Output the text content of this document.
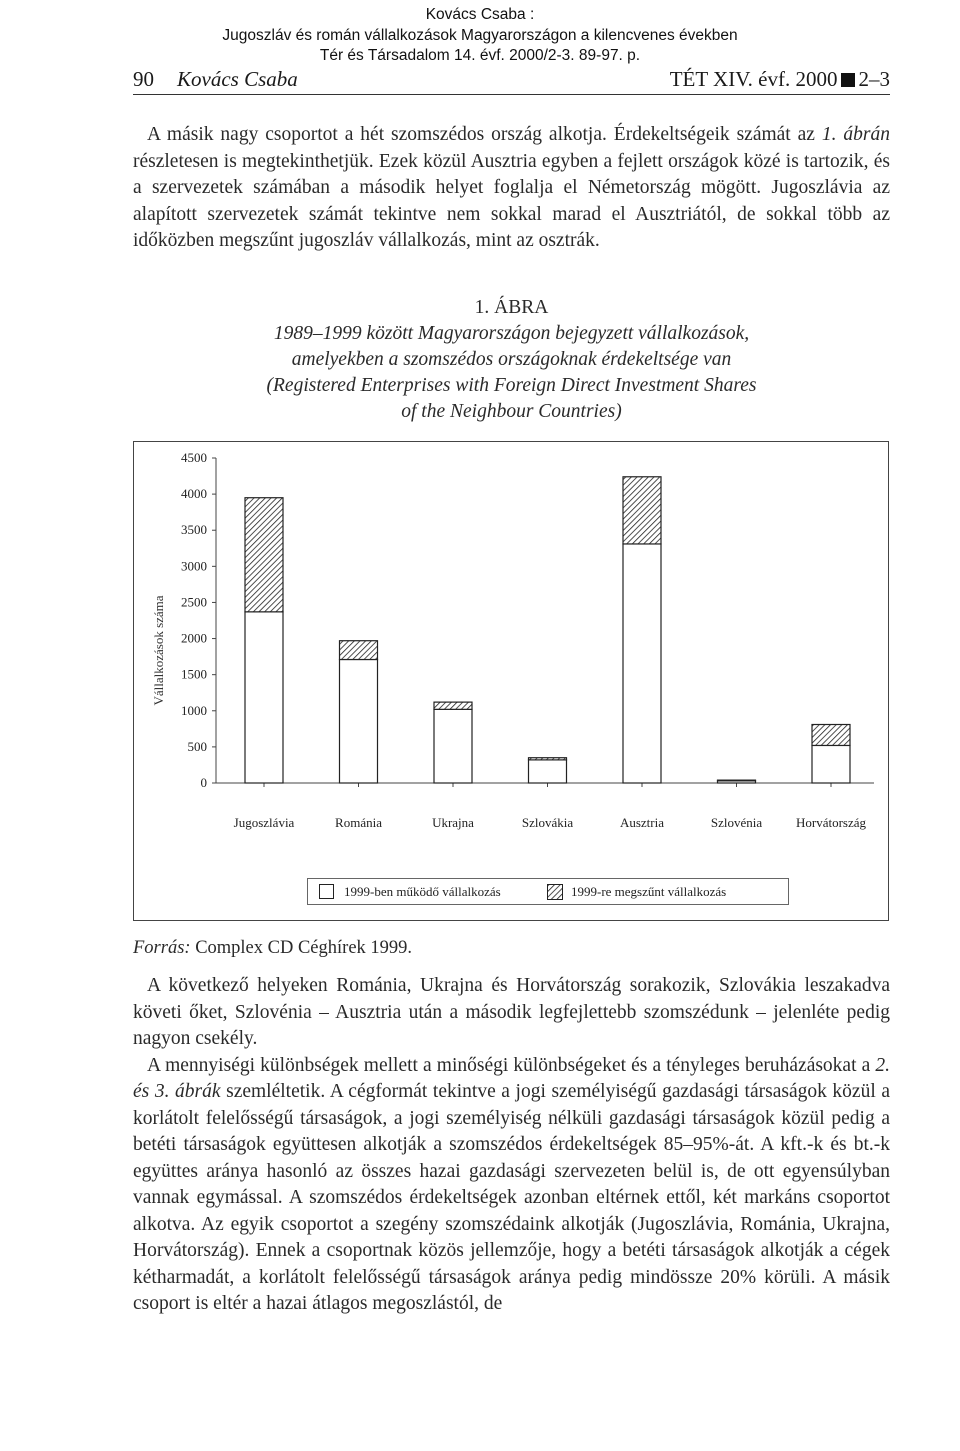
Kovács Csaba :
Jugoszláv és román vállalkozások Magyarországon a kilencvenes években
Tér és Társadalom 14. évf. 2000/2-3. 89-97. p.
90 Kovács Csaba	TÉT XIV. évf. 2000 2–3

A másik nagy csoportot a hét szomszédos ország alkotja. Érdekeltségeik számát az 1. ábrán részletesen is megtekinthetjük. Ezek közül Ausztria egyben a fejlett országok közé is tartozik, és a szervezetek számában a második helyet foglalja el Németország mögött. Jugoszlávia az alapított szervezetek számát tekintve nem sokkal marad el Ausztriától, de sokkal több az időközben megszűnt jugoszláv vállalkozás, mint az osztrák.

1. ÁBRA
1989–1999 között Magyarországon bejegyzett vállalkozások,
amelyekben a szomszédos országoknak érdekeltsége van
(Registered Enterprises with Foreign Direct Investment Shares
of the Neighbour Countries)
0
500
1000
1500
2000
2500
3000
3500
4000
4500
Vállalkozások száma
Jugoszlávia	Románia	Ukrajna	Szlovákia	Ausztria	Szlovénia	Horvátország
1999-ben működő vállalkozás	1999-re megszűnt vállalkozás
Forrás: Complex CD Céghírek 1999.

A következő helyeken Románia, Ukrajna és Horvátország sorakozik, Szlovákia leszakadva követi őket, Szlovénia – Ausztria után a második legfejlettebb szomszédunk – jelenléte pedig nagyon csekély.

A mennyiségi különbségek mellett a minőségi különbségeket és a tényleges beruházásokat a 2. és 3. ábrák szemléltetik. A cégformát tekintve a jogi személyiségű gazdasági társaságok közül a korlátolt felelősségű társaságok, a jogi személyiség nélküli gazdasági társaságok közül pedig a betéti társaságok együttesen alkotják a szomszédos érdekeltségek 85–95%-át. A kft.-k és bt.-k együttes aránya hasonló az összes hazai gazdasági szervezeten belül is, de ott egyensúlyban vannak egymással. A szomszédos érdekeltségek azonban eltérnek ettől, két markáns csoportot alkotva. Az egyik csoportot a szegény szomszédaink alkotják (Jugoszlávia, Románia, Ukrajna, Horvátország). Ennek a csoportnak közös jellemzője, hogy a betéti társaságok alkotják a cégek kétharmadát, a korlátolt felelősségű társaságok aránya pedig mindössze 20% körüli. A másik csoport is eltér a hazai átlagos megoszlástól, de
